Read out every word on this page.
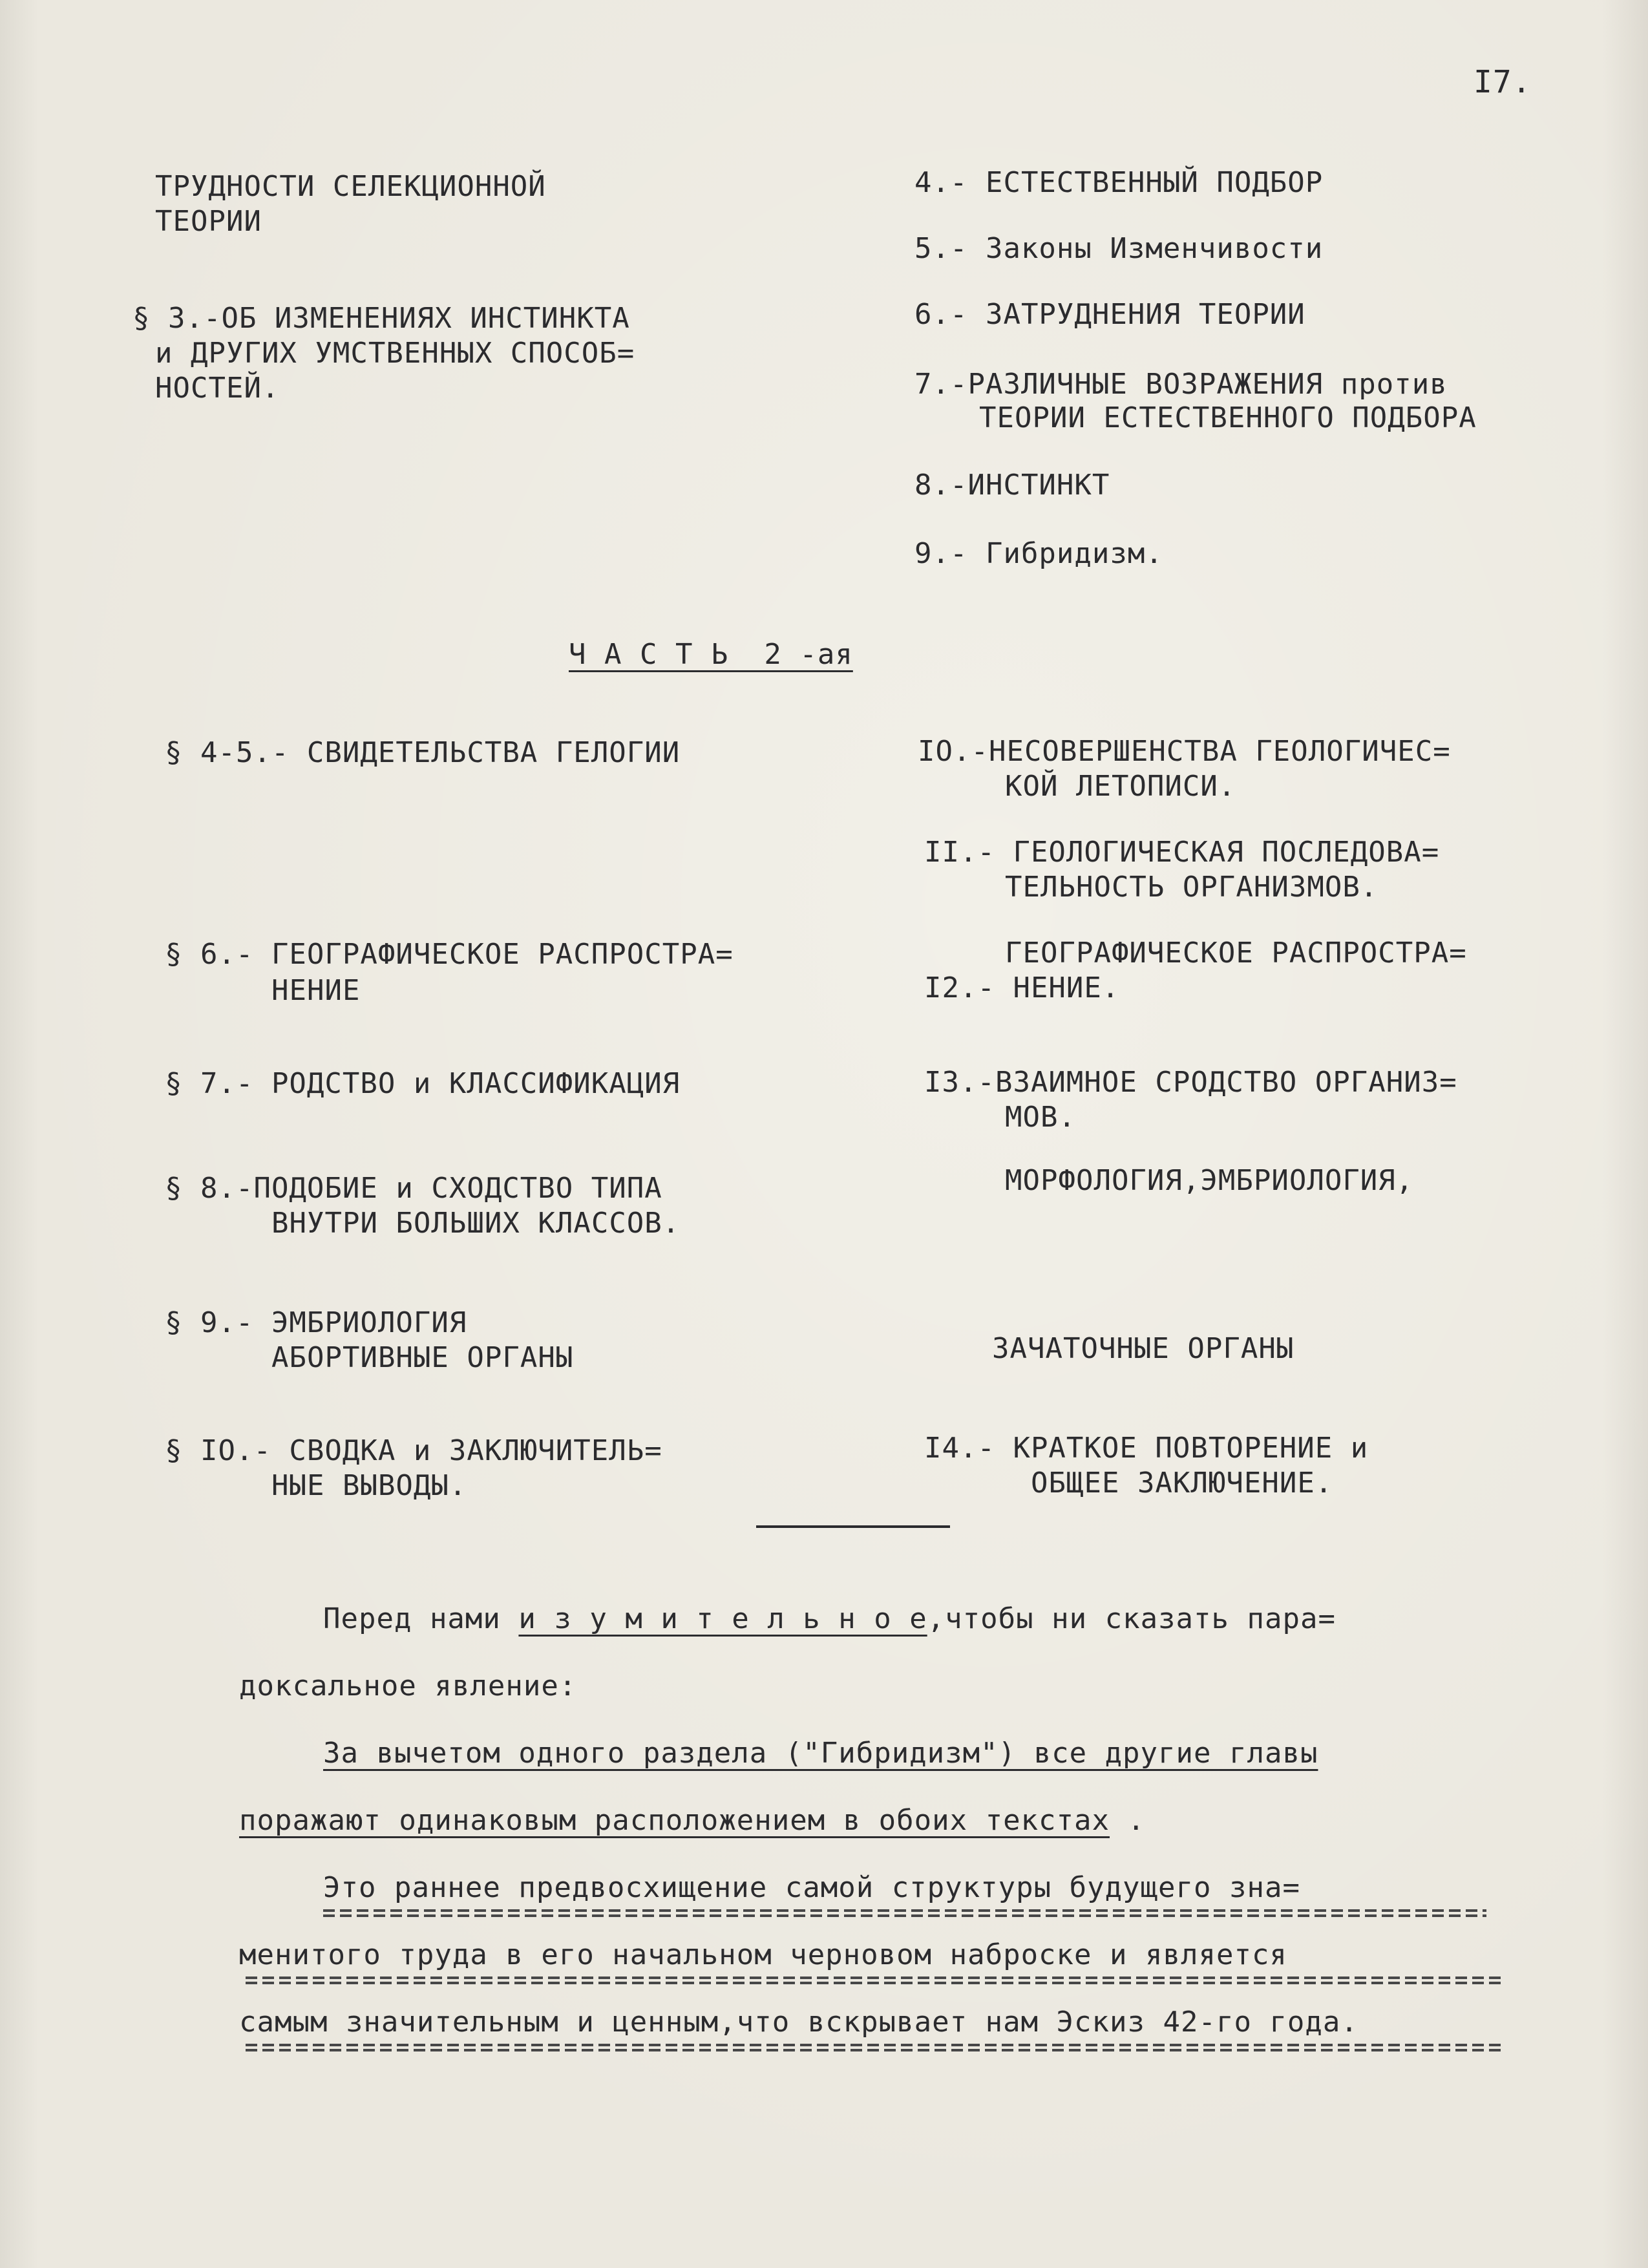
I7.
ТРУДНОСТИ СЕЛЕКЦИОННОЙ
ТЕОРИИ
§ 3.-ОБ ИЗМЕНЕНИЯХ ИНСТИНКТА
и ДРУГИХ УМСТВЕННЫХ СПОСОБ=
НОСТЕЙ.
§ 4-5.- СВИДЕТЕЛЬСТВА ГЕЛОГИИ
§ 6.- ГЕОГРАФИЧЕСКОЕ РАСПРОСТРА=
НЕНИЕ
§ 7.- РОДСТВО и КЛАССИФИКАЦИЯ
§ 8.-ПОДОБИЕ и СХОДСТВО ТИПА
ВНУТРИ БОЛЬШИХ КЛАССОВ.
§ 9.- ЭМБРИОЛОГИЯ
АБОРТИВНЫЕ ОРГАНЫ
§ IO.- СВОДКА и ЗАКЛЮЧИТЕЛЬ=
НЫЕ ВЫВОДЫ.
4.- ЕСТЕСТВЕННЫЙ ПОДБОР
5.- Законы Изменчивости
6.- ЗАТРУДНЕНИЯ ТЕОРИИ
7.-РАЗЛИЧНЫЕ ВОЗРАЖЕНИЯ против
ТЕОРИИ ЕСТЕСТВЕННОГО ПОДБОРА
8.-ИНСТИНКТ
9.- Гибридизм.
Ч А С Т Ь  2 -ая
IO.-НЕСОВЕРШЕНСТВА ГЕОЛОГИЧЕС=
КОЙ ЛЕТОПИСИ.
II.- ГЕОЛОГИЧЕСКАЯ ПОСЛЕДОВА=
ТЕЛЬНОСТЬ ОРГАНИЗМОВ.
ГЕОГРАФИЧЕСКОЕ РАСПРОСТРА=
I2.- НЕНИЕ.
I3.-ВЗАИМНОЕ СРОДСТВО ОРГАНИЗ=
МОВ.
МОРФОЛОГИЯ,ЭМБРИОЛОГИЯ,
ЗАЧАТОЧНЫЕ ОРГАНЫ
I4.- КРАТКОЕ ПОВТОРЕНИЕ и
ОБЩЕЕ ЗАКЛЮЧЕНИЕ.
Перед нами и з у м и т е л ь н о е,чтобы ни сказать пара=
доксальное явление:
За вычетом одного раздела ("Гибридизм") все другие главы
поражают одинаковым расположением в обоих текстах .
Это раннее предвосхищение самой структуры будущего зна=
менитого труда в его начальном черновом наброске и является
самым значительным и ценным,что вскрывает нам Эскиз 42-го года.
